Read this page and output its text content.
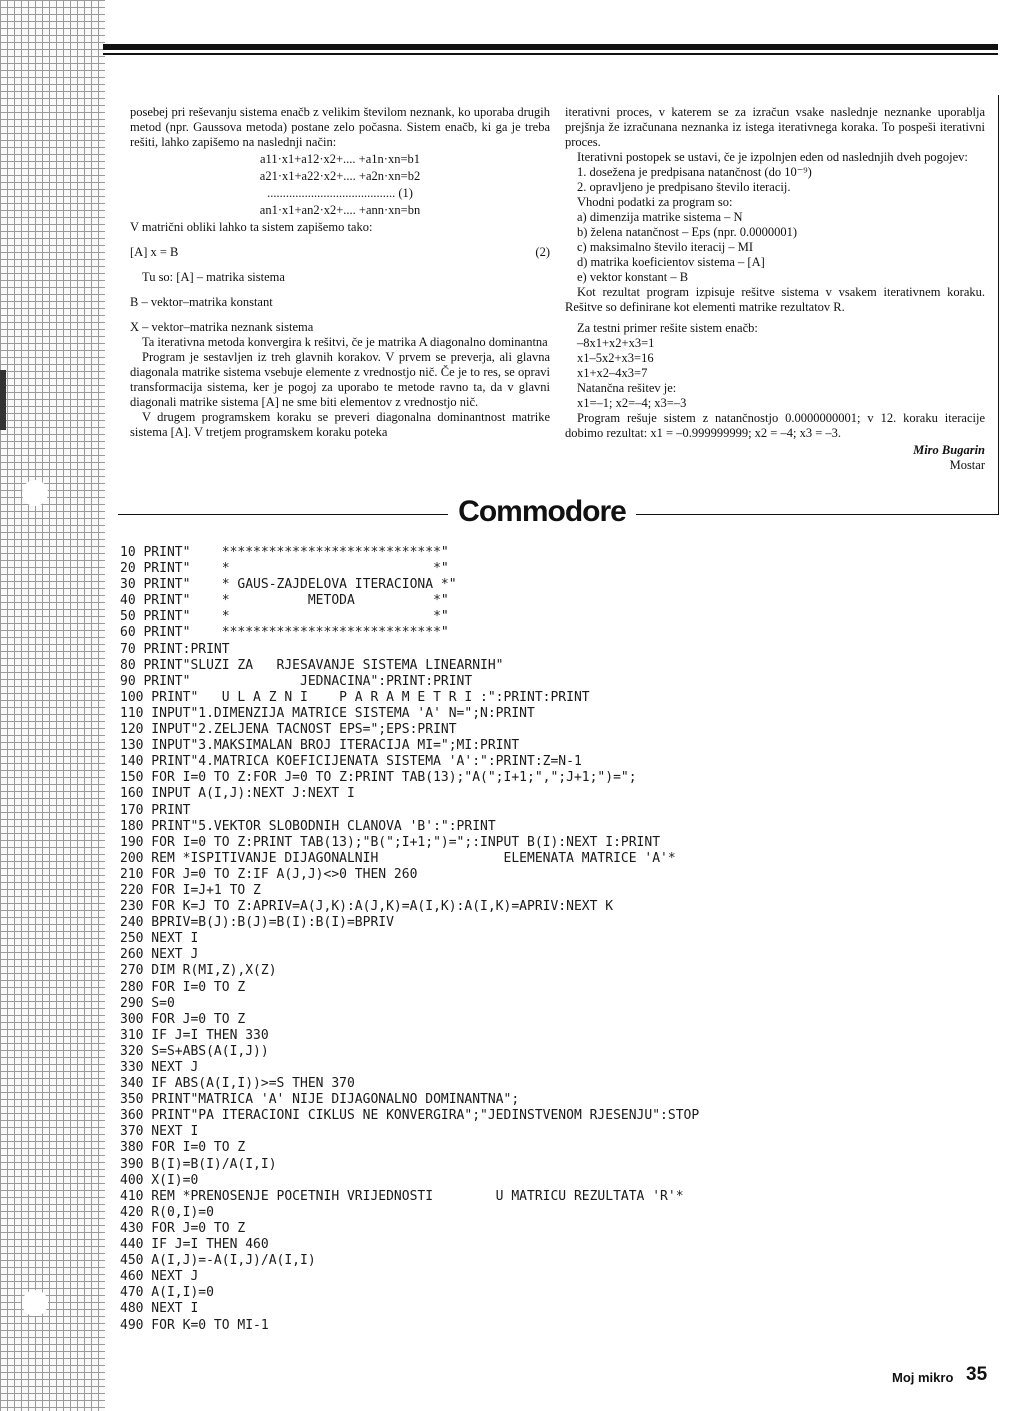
posebej pri reševanju sistema enačb z velikim številom neznank, ko uporaba drugih metod (npr. Gaussova metoda) postane zelo počasna. Sistem enačb, ki ga je treba rešiti, lahko zapišemo na naslednji način:

a11·x1+a12·x2+.... +a1n·xn=b1
a21·x1+a22·x2+.... +a2n·xn=b2
......................................... (1)
an1·x1+an2·x2+.... +ann·xn=bn

V matrični obliki lahko ta sistem zapišemo tako:

[A] x = B	(2)

Tu so: [A] – matrika sistema

B – vektor–matrika konstant

X – vektor–matrika neznank sistema

Ta iterativna metoda konvergira k rešitvi, če je matrika A diagonalno dominantna

Program je sestavljen iz treh glavnih korakov. V prvem se preverja, ali glavna diagonala matrike sistema vsebuje elemente z vrednostjo nič. Če je to res, se opravi transformacija sistema, ker je pogoj za uporabo te metode ravno ta, da v glavni diagonali matrike sistema [A] ne sme biti elementov z vrednostjo nič.

V drugem programskem koraku se preveri diagonalna dominantnost matrike sistema [A]. V tretjem programskem koraku poteka

iterativni proces, v katerem se za izračun vsake naslednje neznanke uporablja prejšnja že izračunana neznanka iz istega iterativnega koraka. To pospeši iterativni proces.

Iterativni postopek se ustavi, če je izpolnjen eden od naslednjih dveh pogojev:

1. doseženа je predpisana natančnost (do 10⁻⁹)

2. opravljeno je predpisano število iteracij.

Vhodni podatki za program so:

a) dimenzija matrike sistema – N

b) želena natančnost – Eps (npr. 0.0000001)

c) maksimalno število iteracij – MI

d) matrika koeficientov sistema – [A]

e) vektor konstant – B

Kot rezultat program izpisuje rešitve sistema v vsakem iterativnem koraku. Rešitve so definirane kot elementi matrike rezultatov R.

Za testni primer rešite sistem enačb:

–8x1+x2+x3=1

x1–5x2+x3=16

x1+x2–4x3=7

Natančna rešitev je:

x1=–1; x2=–4; x3=–3

Program rešuje sistem z natančnostjo 0.0000000001; v 12. koraku iteracije dobimo rezultat: x1 = –0.999999999; x2 = –4; x3 = –3.

Miro Bugarin
Mostar
Commodore
10 PRINT"    ****************************"
20 PRINT"    *                          *"
30 PRINT"    * GAUS-ZAJDELOVA ITERACIONA *"
40 PRINT"    *          METODA          *"
50 PRINT"    *                          *"
60 PRINT"    ****************************"
70 PRINT:PRINT
80 PRINT"SLUZI ZA   RJESAVANJE SISTEMA LINEARNIH"
90 PRINT"              JEDNACINA":PRINT:PRINT
100 PRINT"   U L A Z N I    P A R A M E T R I :":PRINT:PRINT
110 INPUT"1.DIMENZIJA MATRICE SISTEMA 'A' N=";N:PRINT
120 INPUT"2.ZELJENA TACNOST EPS=";EPS:PRINT
130 INPUT"3.MAKSIMALAN BROJ ITERACIJA MI=";MI:PRINT
140 PRINT"4.MATRICA KOEFICIJENATA SISTEMA 'A':":PRINT:Z=N-1
150 FOR I=0 TO Z:FOR J=0 TO Z:PRINT TAB(13);"A(";I+1;",";J+1;")=";
160 INPUT A(I,J):NEXT J:NEXT I
170 PRINT
180 PRINT"5.VEKTOR SLOBODNIH CLANOVA 'B':":PRINT
190 FOR I=0 TO Z:PRINT TAB(13);"B(";I+1;")=";:INPUT B(I):NEXT I:PRINT
200 REM *ISPITIVANJE DIJAGONALNIH                ELEMENATA MATRICE 'A'*
210 FOR J=0 TO Z:IF A(J,J)<>0 THEN 260
220 FOR I=J+1 TO Z
230 FOR K=J TO Z:APRIV=A(J,K):A(J,K)=A(I,K):A(I,K)=APRIV:NEXT K
240 BPRIV=B(J):B(J)=B(I):B(I)=BPRIV
250 NEXT I
260 NEXT J
270 DIM R(MI,Z),X(Z)
280 FOR I=0 TO Z
290 S=0
300 FOR J=0 TO Z
310 IF J=I THEN 330
320 S=S+ABS(A(I,J))
330 NEXT J
340 IF ABS(A(I,I))>=S THEN 370
350 PRINT"MATRICA 'A' NIJE DIJAGONALNO DOMINANTNA";
360 PRINT"PA ITERACIONI CIKLUS NE KONVERGIRA";"JEDINSTVENOM RJESENJU":STOP
370 NEXT I
380 FOR I=0 TO Z
390 B(I)=B(I)/A(I,I)
400 X(I)=0
410 REM *PRENOSENJE POCETNIH VRIJEDNOSTI        U MATRICU REZULTATA 'R'*
420 R(0,I)=0
430 FOR J=0 TO Z
440 IF J=I THEN 460
450 A(I,J)=-A(I,J)/A(I,I)
460 NEXT J
470 A(I,I)=0
480 NEXT I
490 FOR K=0 TO MI-1
Moj mikro 35
